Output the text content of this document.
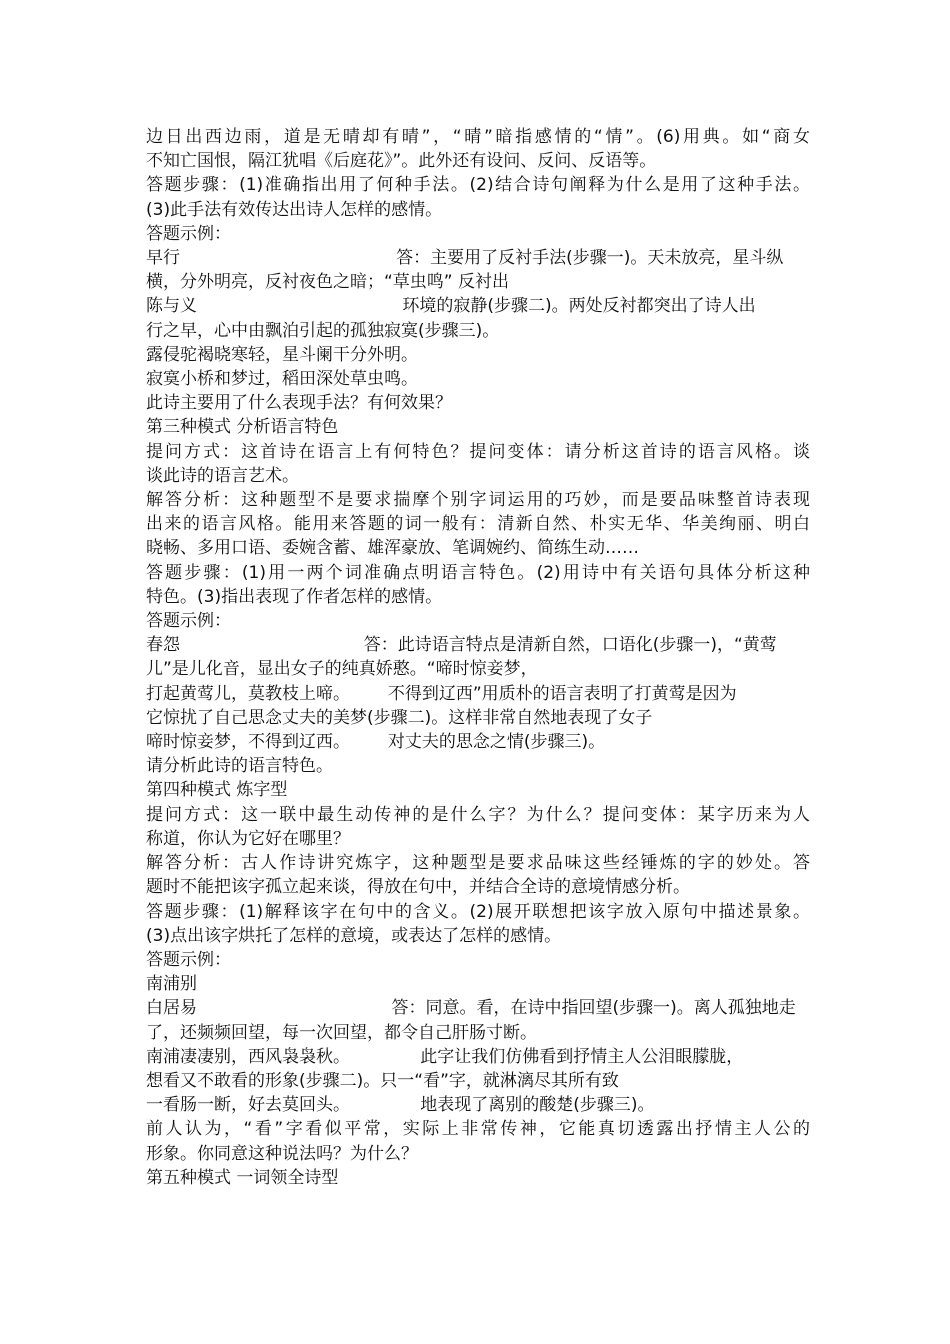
边日出西边雨，道是无晴却有晴”，“晴”暗指感情的“情”。(6)用典。如“商女
不知亡国恨，隔江犹唱《后庭花》”。此外还有设问、反问、反语等。
答题步骤：(1)准确指出用了何种手法。(2)结合诗句阐释为什么是用了这种手法。
(3)此手法有效传达出诗人怎样的感情。
答题示例：
早行                                        答：主要用了反衬手法(步骤一)。天未放亮，星斗纵
横，分外明亮，反衬夜色之暗；“草虫鸣” 反衬出
陈与义                                      环境的寂静(步骤二)。两处反衬都突出了诗人出
行之早，心中由飘泊引起的孤独寂寞(步骤三)。
露侵驼褐晓寒轻，星斗阑干分外明。
寂寞小桥和梦过，稻田深处草虫鸣。
此诗主要用了什么表现手法？有何效果？
第三种模式 分析语言特色
提问方式：这首诗在语言上有何特色？提问变体：请分析这首诗的语言风格。谈
谈此诗的语言艺术。
解答分析：这种题型不是要求揣摩个别字词运用的巧妙，而是要品味整首诗表现
出来的语言风格。能用来答题的词一般有：清新自然、朴实无华、华美绚丽、明白
晓畅、多用口语、委婉含蓄、雄浑豪放、笔调婉约、简练生动……
答题步骤：(1)用一两个词准确点明语言特色。(2)用诗中有关语句具体分析这种
特色。(3)指出表现了作者怎样的感情。
答题示例：
春怨                                  答：此诗语言特点是清新自然，口语化(步骤一)，“黄莺
儿”是儿化音，显出女子的纯真娇憨。“啼时惊妾梦，
打起黄莺儿，莫教枝上啼。       不得到辽西”用质朴的语言表明了打黄莺是因为
它惊扰了自己思念丈夫的美梦(步骤二)。这样非常自然地表现了女子
啼时惊妾梦，不得到辽西。       对丈夫的思念之情(步骤三)。
请分析此诗的语言特色。
第四种模式 炼字型
提问方式：这一联中最生动传神的是什么字？为什么？提问变体：某字历来为人
称道，你认为它好在哪里？
解答分析：古人作诗讲究炼字，这种题型是要求品味这些经锤炼的字的妙处。答
题时不能把该字孤立起来谈，得放在句中，并结合全诗的意境情感分析。
答题步骤：(1)解释该字在句中的含义。(2)展开联想把该字放入原句中描述景象。
(3)点出该字烘托了怎样的意境，或表达了怎样的感情。
答题示例：
南浦别
白居易                                    答：同意。看，在诗中指回望(步骤一)。离人孤独地走
了，还频频回望，每一次回望，都令自己肝肠寸断。
南浦凄凄别，西风袅袅秋。             此字让我们仿佛看到抒情主人公泪眼朦胧，
想看又不敢看的形象(步骤二)。只一“看”字，就淋漓尽其所有致
一看肠一断，好去莫回头。             地表现了离别的酸楚(步骤三)。
前人认为，“看”字看似平常，实际上非常传神，它能真切透露出抒情主人公的
形象。你同意这种说法吗？为什么？
第五种模式 一词领全诗型
